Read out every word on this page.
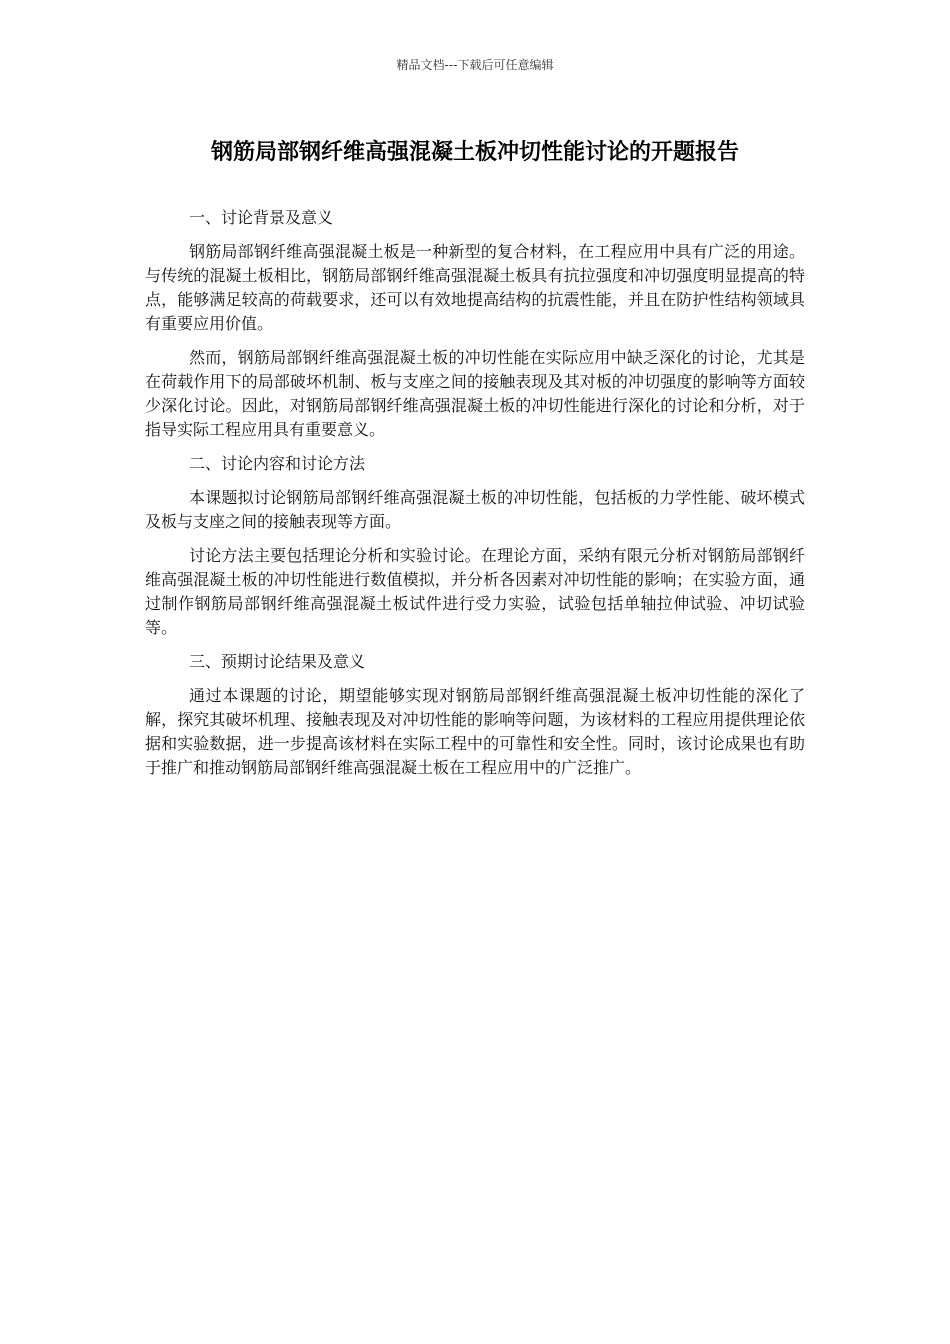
精品文档---下载后可任意编辑
钢筋局部钢纤维高强混凝土板冲切性能讨论的开题报告
一、讨论背景及意义

钢筋局部钢纤维高强混凝土板是一种新型的复合材料，在工程应用中具有广泛的用途。与传统的混凝土板相比，钢筋局部钢纤维高强混凝土板具有抗拉强度和冲切强度明显提高的特点，能够满足较高的荷载要求，还可以有效地提高结构的抗震性能，并且在防护性结构领域具有重要应用价值。

然而，钢筋局部钢纤维高强混凝土板的冲切性能在实际应用中缺乏深化的讨论，尤其是在荷载作用下的局部破坏机制、板与支座之间的接触表现及其对板的冲切强度的影响等方面较少深化讨论。因此，对钢筋局部钢纤维高强混凝土板的冲切性能进行深化的讨论和分析，对于指导实际工程应用具有重要意义。

二、讨论内容和讨论方法

本课题拟讨论钢筋局部钢纤维高强混凝土板的冲切性能，包括板的力学性能、破坏模式及板与支座之间的接触表现等方面。

讨论方法主要包括理论分析和实验讨论。在理论方面，采纳有限元分析对钢筋局部钢纤维高强混凝土板的冲切性能进行数值模拟，并分析各因素对冲切性能的影响；在实验方面，通过制作钢筋局部钢纤维高强混凝土板试件进行受力实验，试验包括单轴拉伸试验、冲切试验等。

三、预期讨论结果及意义

通过本课题的讨论，期望能够实现对钢筋局部钢纤维高强混凝土板冲切性能的深化了解，探究其破坏机理、接触表现及对冲切性能的影响等问题，为该材料的工程应用提供理论依据和实验数据，进一步提高该材料在实际工程中的可靠性和安全性。同时，该讨论成果也有助于推广和推动钢筋局部钢纤维高强混凝土板在工程应用中的广泛推广。
